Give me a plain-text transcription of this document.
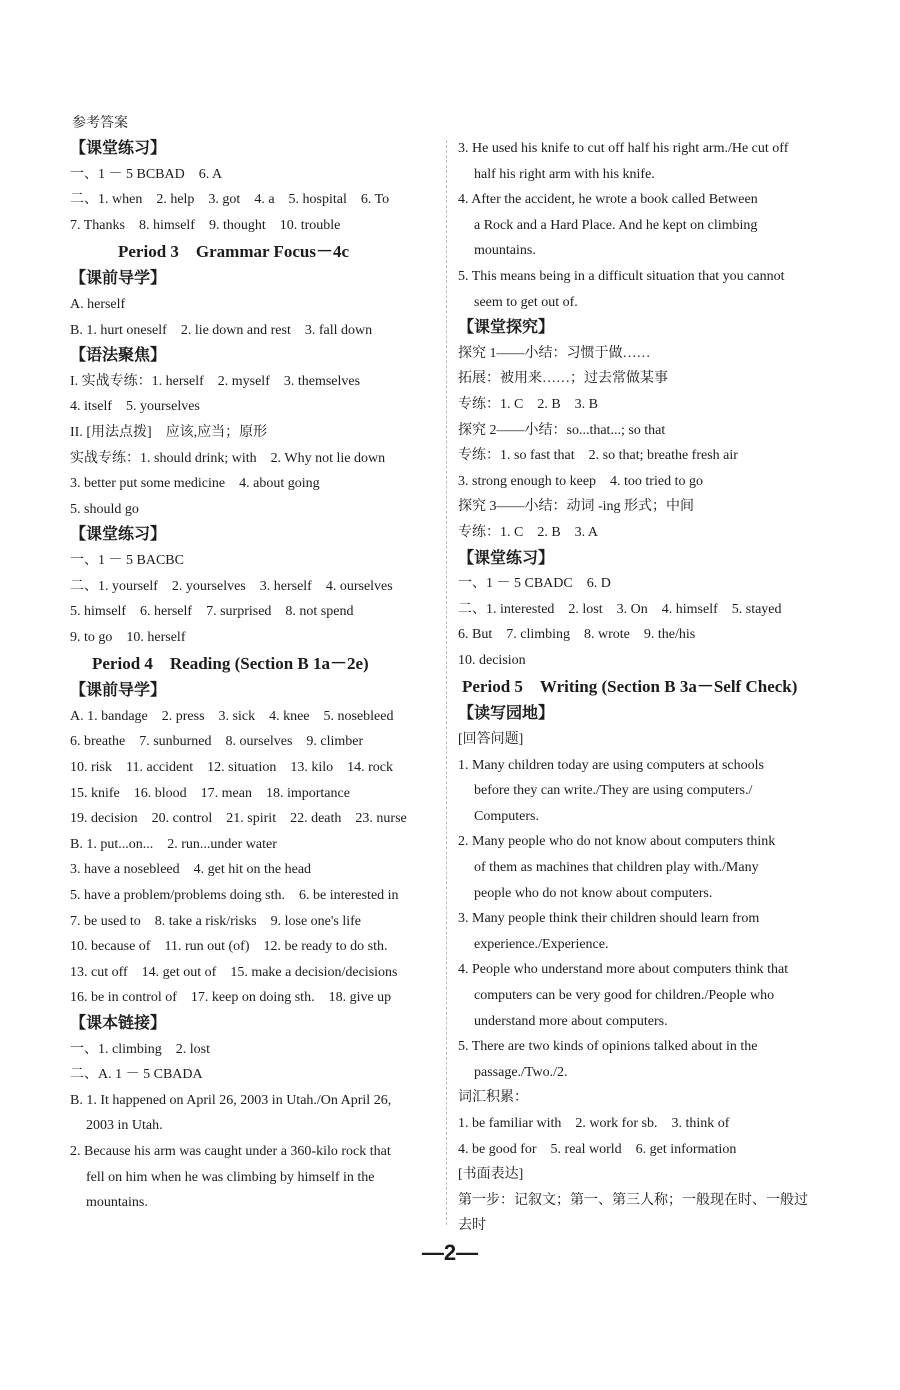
参考答案
【课堂练习】
一、1 － 5 BCBAD　6. A
二、1. when　2. help　3. got　4. a　5. hospital　6. To
7. Thanks　8. himself　9. thought　10. trouble
Period 3　Grammar Focus－4c
【课前导学】
A. herself
B. 1. hurt oneself　2. lie down and rest　3. fall down
【语法聚焦】
I. 实战专练：1. herself　2. myself　3. themselves
4. itself　5. yourselves
II. [用法点拨]　应该,应当；原形
实战专练：1. should drink; with　2. Why not lie down
3. better put some medicine　4. about going
5. should go
【课堂练习】
一、1 － 5 BACBC
二、1. yourself　2. yourselves　3. herself　4. ourselves
5. himself　6. herself　7. surprised　8. not spend
9. to go　10. herself
Period 4　Reading (Section B 1a－2e)
【课前导学】
A. 1. bandage　2. press　3. sick　4. knee　5. nosebleed
6. breathe　7. sunburned　8. ourselves　9. climber
10. risk　11. accident　12. situation　13. kilo　14. rock
15. knife　16. blood　17. mean　18. importance
19. decision　20. control　21. spirit　22. death　23. nurse
B. 1. put...on...　2. run...under water
3. have a nosebleed　4. get hit on the head
5. have a problem/problems doing sth.　6. be interested in
7. be used to　8. take a risk/risks　9. lose one's life
10. because of　11. run out (of)　12. be ready to do sth.
13. cut off　14. get out of　15. make a decision/decisions
16. be in control of　17. keep on doing sth.　18. give up
【课本链接】
一、1. climbing　2. lost
二、A. 1 － 5 CBADA
B. 1. It happened on April 26, 2003 in Utah./On April 26,
2003 in Utah.
2. Because his arm was caught under a 360-kilo rock that
fell on him when he was climbing by himself in the
mountains.
3. He used his knife to cut off half his right arm./He cut off
half his right arm with his knife.
4. After the accident, he wrote a book called Between
a Rock and a Hard Place. And he kept on climbing
mountains.
5. This means being in a difficult situation that you cannot
seem to get out of.
【课堂探究】
探究 1——小结：习惯于做……
拓展：被用来……；过去常做某事
专练：1. C　2. B　3. B
探究 2——小结：so...that...; so that
专练：1. so fast that　2. so that; breathe fresh air
3. strong enough to keep　4. too tried to go
探究 3——小结：动词 -ing 形式；中间
专练：1. C　2. B　3. A
【课堂练习】
一、1 － 5 CBADC　6. D
二、1. interested　2. lost　3. On　4. himself　5. stayed
6. But　7. climbing　8. wrote　9. the/his
10. decision
Period 5　Writing (Section B 3a－Self Check)
【读写园地】
[回答问题]
1. Many children today are using computers at schools
before they can write./They are using computers./
Computers.
2. Many people who do not know about computers think
of them as machines that children play with./Many
people who do not know about computers.
3. Many people think their children should learn from
experience./Experience.
4. People who understand more about computers think that
computers can be very good for children./People who
understand more about computers.
5. There are two kinds of opinions talked about in the
passage./Two./2.
词汇积累：
1. be familiar with　2. work for sb.　3. think of
4. be good for　5. real world　6. get information
[书面表达]
第一步：记叙文；第一、第三人称；一般现在时、一般过
去时
—2—
